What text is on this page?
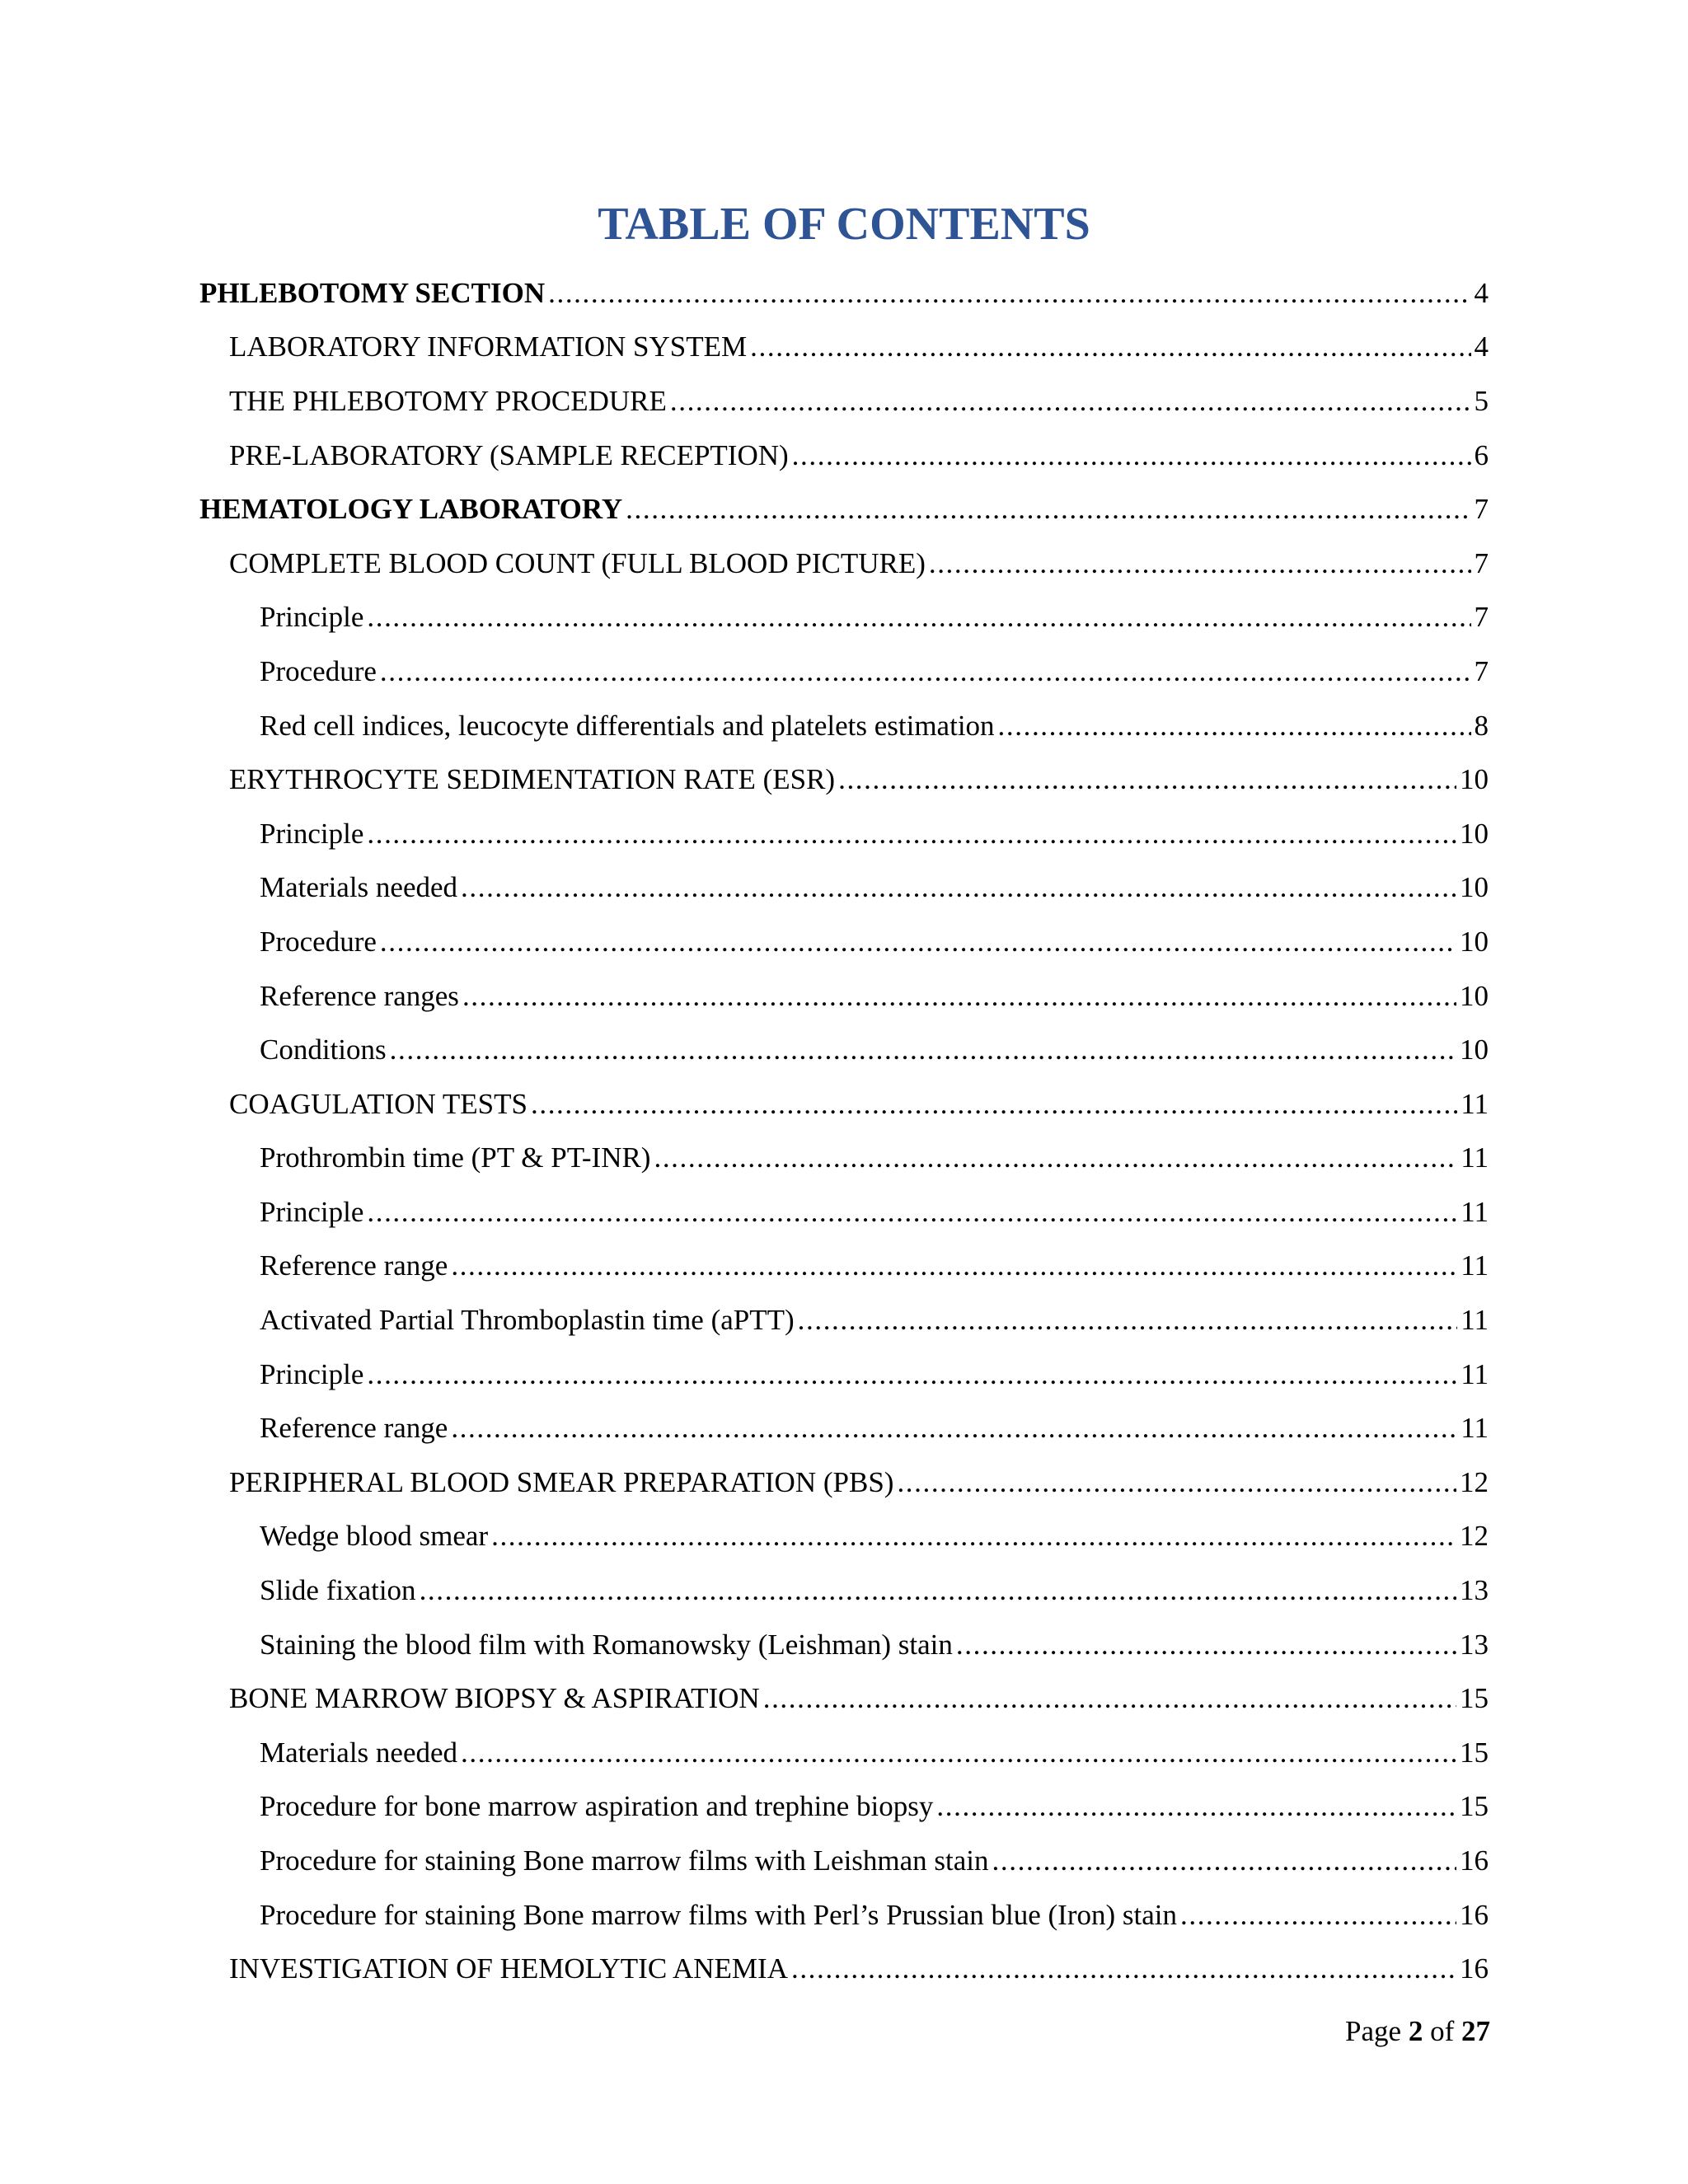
TABLE OF CONTENTS
PHLEBOTOMY SECTION .....	4
LABORATORY INFORMATION SYSTEM .....	4
THE PHLEBOTOMY PROCEDURE .....	5
PRE-LABORATORY (SAMPLE RECEPTION) .....	6
HEMATOLOGY LABORATORY .....	7
COMPLETE BLOOD COUNT (FULL BLOOD PICTURE) .....	7
Principle .....	7
Procedure .....	7
Red cell indices, leucocyte differentials and platelets estimation .....	8
ERYTHROCYTE SEDIMENTATION RATE (ESR) .....	10
Principle .....	10
Materials needed .....	10
Procedure .....	10
Reference ranges .....	10
Conditions .....	10
COAGULATION TESTS .....	11
Prothrombin time (PT & PT-INR) .....	11
Principle .....	11
Reference range .....	11
Activated Partial Thromboplastin time (aPTT) .....	11
Principle .....	11
Reference range .....	11
PERIPHERAL BLOOD SMEAR PREPARATION (PBS) .....	12
Wedge blood smear .....	12
Slide fixation .....	13
Staining the blood film with Romanowsky (Leishman) stain .....	13
BONE MARROW BIOPSY & ASPIRATION .....	15
Materials needed .....	15
Procedure for bone marrow aspiration and trephine biopsy .....	15
Procedure for staining Bone marrow films with Leishman stain .....	16
Procedure for staining Bone marrow films with Perl’s Prussian blue (Iron) stain .....	16
INVESTIGATION OF HEMOLYTIC ANEMIA .....	16
Page 2 of 27
